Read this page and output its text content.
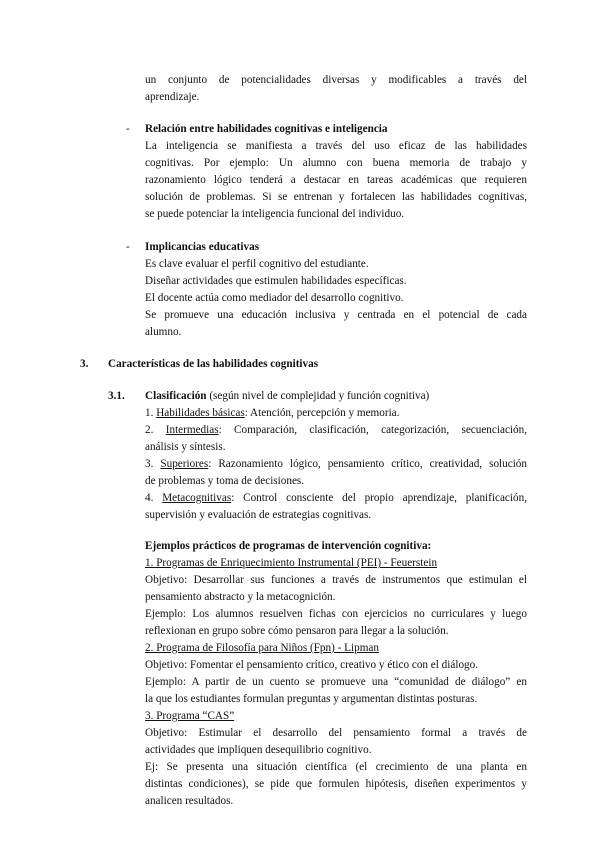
un conjunto de potencialidades diversas y modificables a través del
aprendizaje.
- Relación entre habilidades cognitivas e inteligencia
La inteligencia se manifiesta a través del uso eficaz de las habilidades
cognitivas. Por ejemplo: Un alumno con buena memoria de trabajo y
razonamiento lógico tenderá a destacar en tareas académicas que requieren
solución de problemas. Si se entrenan y fortalecen las habilidades cognitivas,
se puede potenciar la inteligencia funcional del individuo.
- Implicancias educativas
Es clave evaluar el perfil cognitivo del estudiante.
Diseñar actividades que estimulen habilidades específicas.
El docente actúa como mediador del desarrollo cognitivo.
Se promueve una educación inclusiva y centrada en el potencial de cada
alumno.
3. Características de las habilidades cognitivas
3.1. Clasificación (según nivel de complejidad y función cognitiva)
1. Habilidades básicas: Atención, percepción y memoria.
2. Intermedias: Comparación, clasificación, categorización, secuenciación,
análisis y síntesis.
3. Superiores: Razonamiento lógico, pensamiento crítico, creatividad, solución
de problemas y toma de decisiones.
4. Metacognitivas: Control consciente del propio aprendizaje, planificación,
supervisión y evaluación de estrategias cognitivas.
Ejemplos prácticos de programas de intervención cognitiva:
1. Programas de Enriquecimiento Instrumental (PEI) - Feuerstein
Objetivo: Desarrollar sus funciones a través de instrumentos que estimulan el
pensamiento abstracto y la metacognición.
Ejemplo: Los alumnos resuelven fichas con ejercicios no curriculares y luego
reflexionan en grupo sobre cómo pensaron para llegar a la solución.
2. Programa de Filosofía para Niños (Fpn) - Lipman
Objetivo: Fomentar el pensamiento crítico, creativo y ético con el diálogo.
Ejemplo: A partir de un cuento se promueve una “comunidad de diálogo” en
la que los estudiantes formulan preguntas y argumentan distintas posturas.
3. Programa “CAS”
Objetivo: Estimular el desarrollo del pensamiento formal a través de
actividades que impliquen desequilibrio cognitivo.
Ej: Se presenta una situación científica (el crecimiento de una planta en
distintas condiciones), se pide que formulen hipótesis, diseñen experimentos y
analicen resultados.
